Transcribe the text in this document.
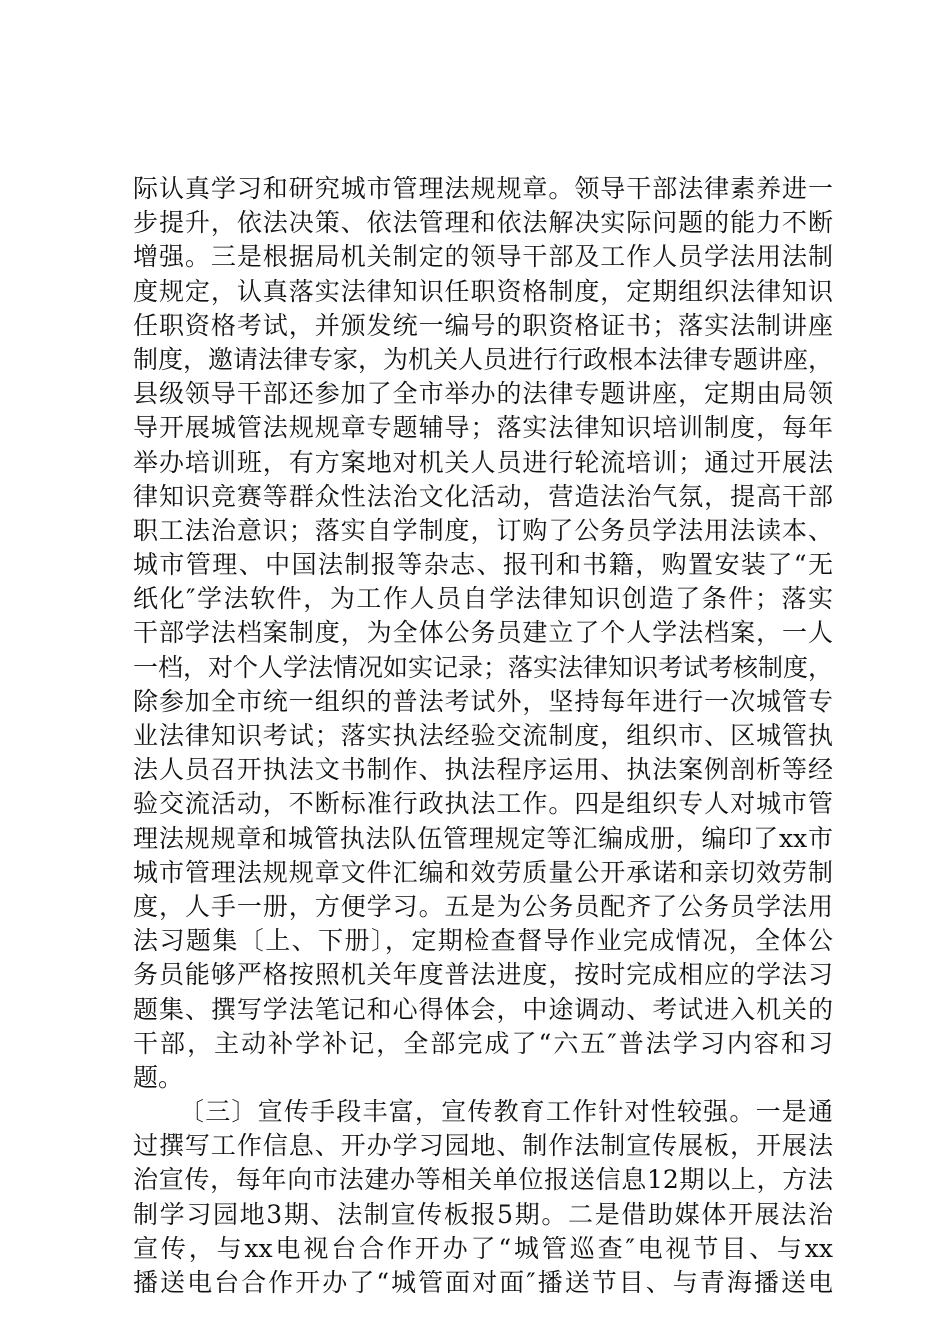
际认真学习和研究城市管理法规规章。领导干部法律素养进一
步提升，依法决策、依法管理和依法解决实际问题的能力不断
增强。三是根据局机关制定的领导干部及工作人员学法用法制
度规定，认真落实法律知识任职资格制度，定期组织法律知识
任职资格考试，并颁发统一编号的职资格证书；落实法制讲座
制度，邀请法律专家，为机关人员进行行政根本法律专题讲座，
县级领导干部还参加了全市举办的法律专题讲座，定期由局领
导开展城管法规规章专题辅导；落实法律知识培训制度，每年
举办培训班，有方案地对机关人员进行轮流培训；通过开展法
律知识竞赛等群众性法治文化活动，营造法治气氛，提高干部
职工法治意识；落实自学制度，订购了公务员学法用法读本、
城市管理、中国法制报等杂志、报刊和书籍，购置安装了“无
纸化″学法软件，为工作人员自学法律知识创造了条件；落实
干部学法档案制度，为全体公务员建立了个人学法档案，一人
一档，对个人学法情况如实记录；落实法律知识考试考核制度，
除参加全市统一组织的普法考试外，坚持每年进行一次城管专
业法律知识考试；落实执法经验交流制度，组织市、区城管执
法人员召开执法文书制作、执法程序运用、执法案例剖析等经
验交流活动，不断标准行政执法工作。四是组织专人对城市管
理法规规章和城管执法队伍管理规定等汇编成册，编印了xx市
城市管理法规规章文件汇编和效劳质量公开承诺和亲切效劳制
度，人手一册，方便学习。五是为公务员配齐了公务员学法用
法习题集〔上、下册〕，定期检查督导作业完成情况，全体公
务员能够严格按照机关年度普法进度，按时完成相应的学法习
题集、撰写学法笔记和心得体会，中途调动、考试进入机关的
干部，主动补学补记，全部完成了“六五″普法学习内容和习
题。
〔三〕宣传手段丰富，宣传教育工作针对性较强。一是通
过撰写工作信息、开办学习园地、制作法制宣传展板，开展法
治宣传，每年向市法建办等相关单位报送信息12期以上，方法
制学习园地3期、法制宣传板报5期。二是借助媒体开展法治
宣传，与xx电视台合作开办了“城管巡查″电视节目、与xx
播送电台合作开办了“城管面对面″播送节目、与青海播送电
